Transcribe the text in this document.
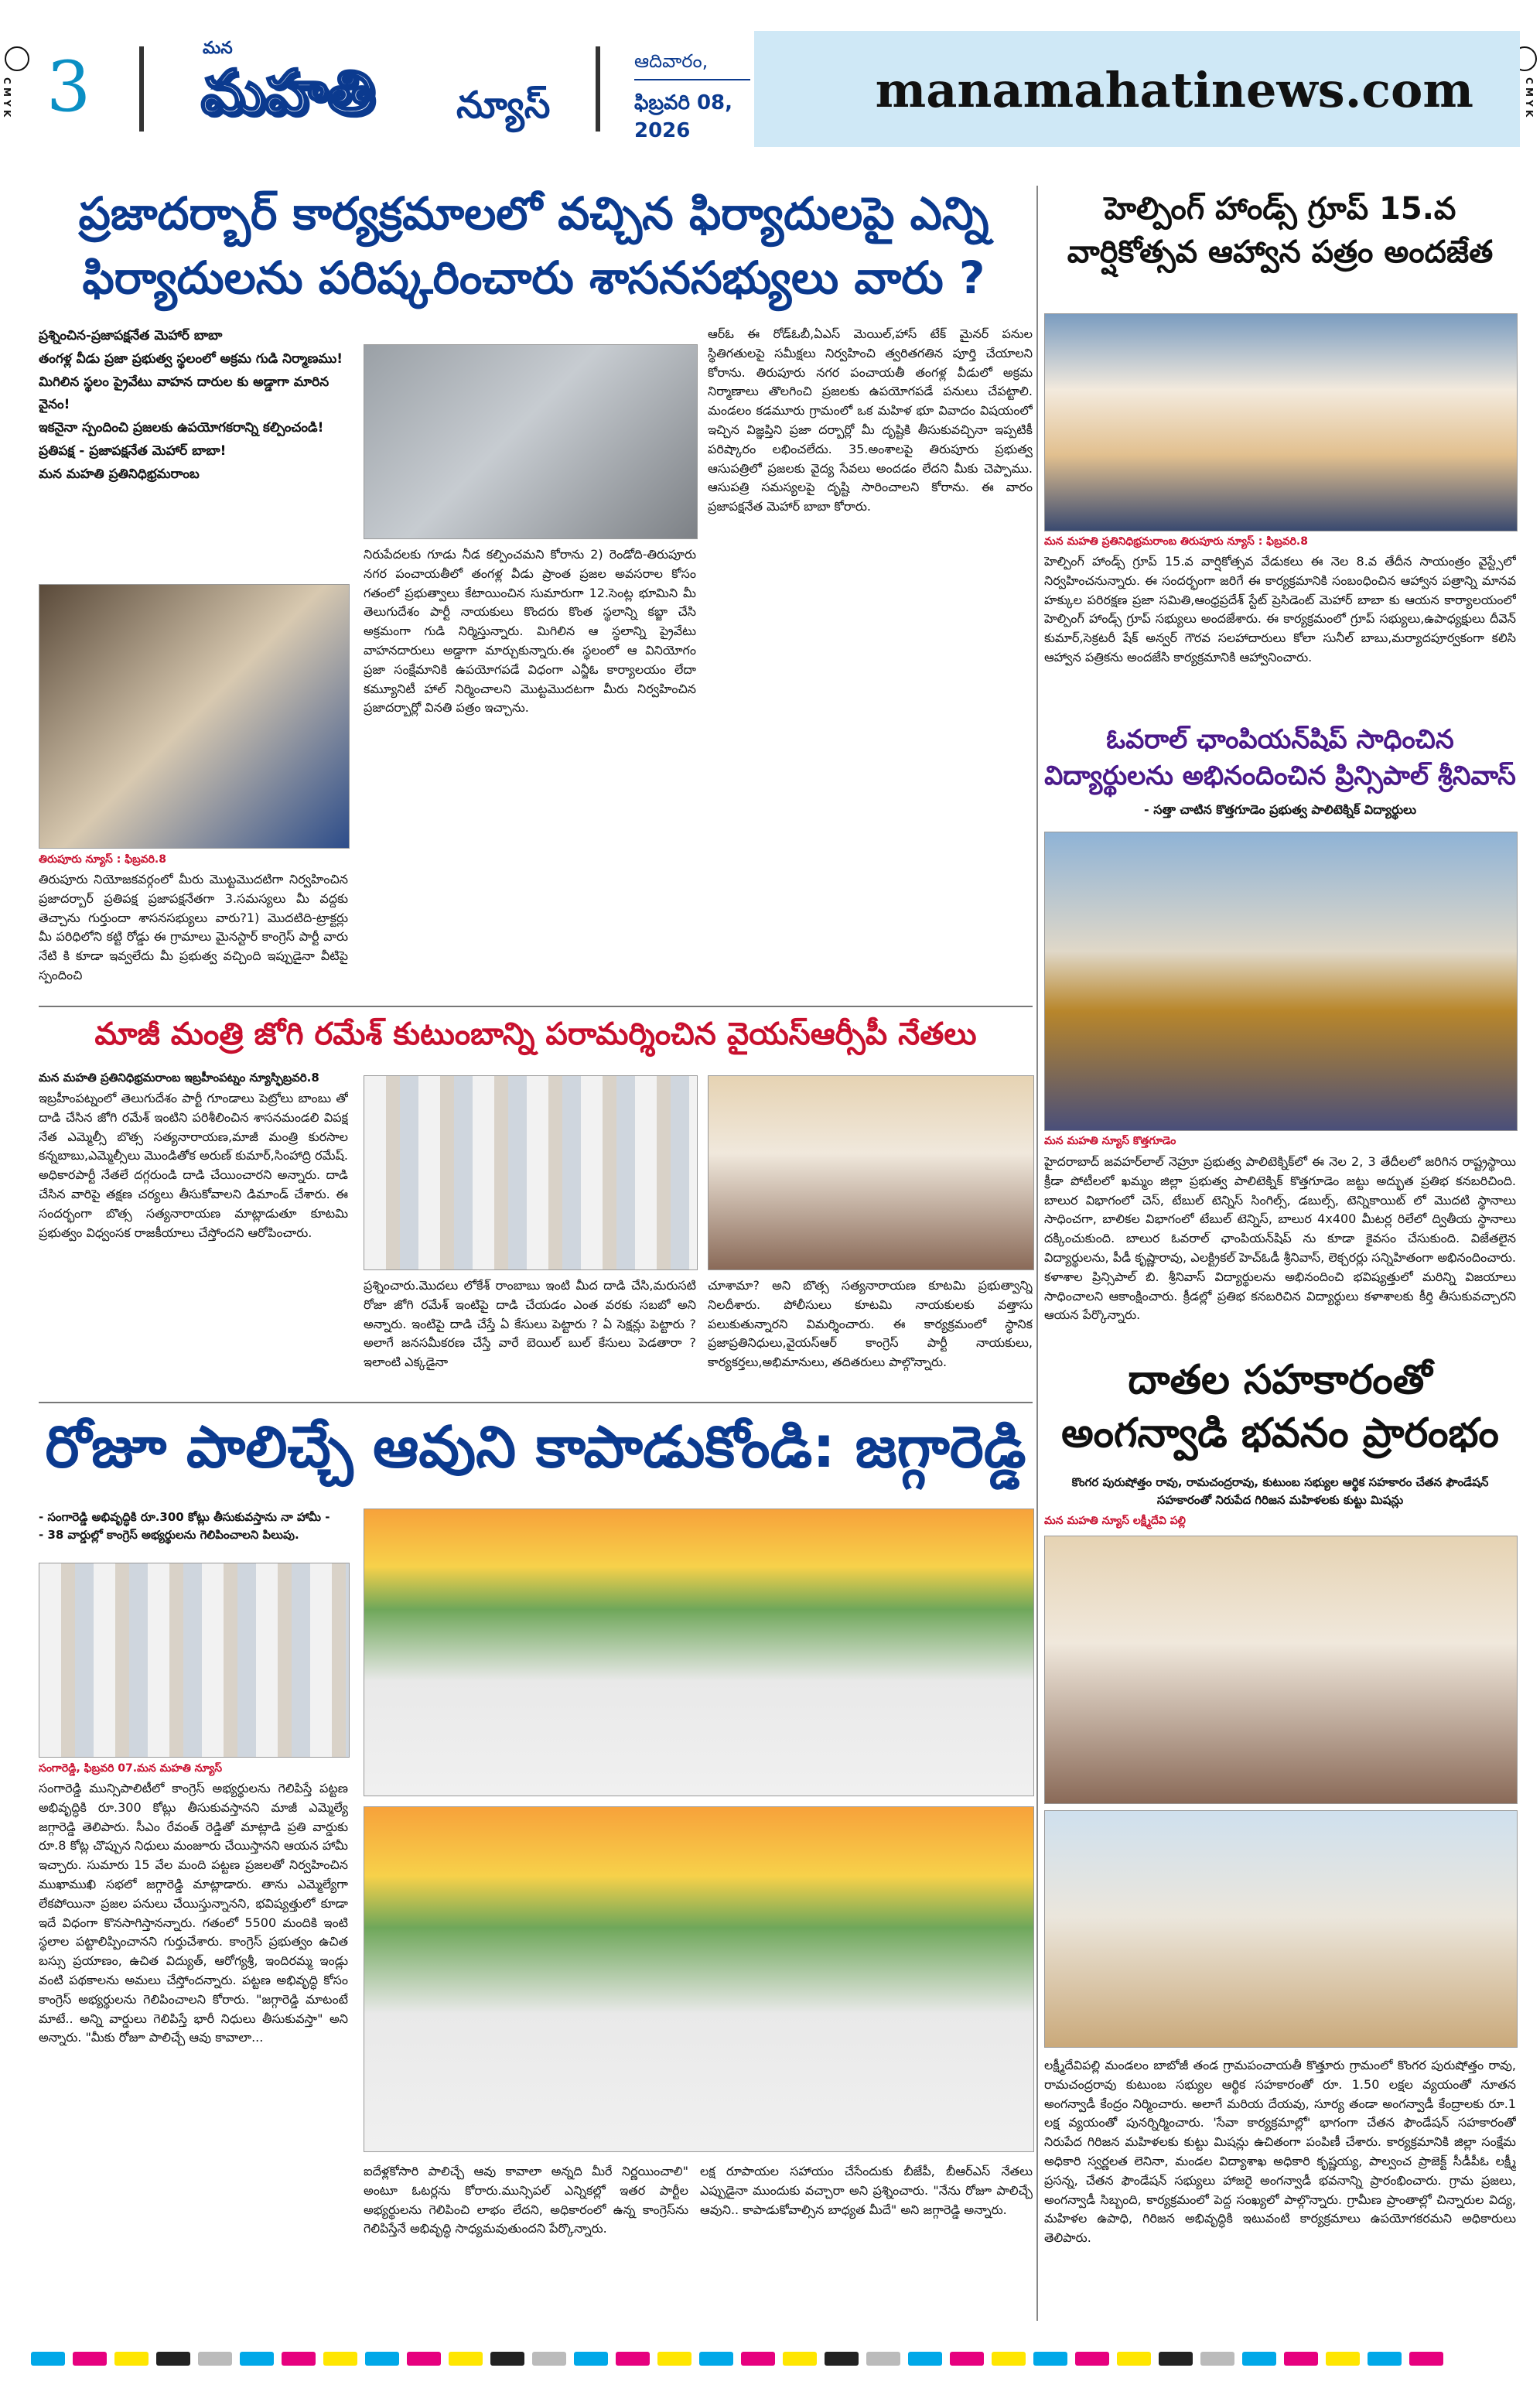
C M Y K	C M Y K
3	మన
మహతి న్యూస్
ఆదివారం,
ఫిబ్రవరి 08, 2026
manamahatinews.com
ప్రజాదర్బార్ కార్యక్రమాలలో వచ్చిన ఫిర్యాదులపై ఎన్ని
ఫిర్యాదులను పరిష్కరించారు శాసనసభ్యులు వారు ?
ప్రశ్నించిన-ప్రజాపక్షనేత మెహార్ బాబా
తంగళ్ల వీడు ప్రజా ప్రభుత్వ స్థలంలో అక్రమ గుడి నిర్మాణము!
మిగిలిన స్థలం ప్రైవేటు వాహన దారుల కు అడ్డాగా మారిన వైనం!
ఇకనైనా స్పందించి ప్రజలకు ఉపయోగకరాన్ని కల్పించండి!
ప్రతిపక్ష - ప్రజాపక్షనేత మెహార్ బాబా!
మన మహతి ప్రతినిధిభ్రమరాంబ
తిరుపూరు న్యూస్ : ఫిబ్రవరి.8
తిరుపూరు నియోజకవర్గంలో మీరు మొట్టమొదటిగా నిర్వహించిన ప్రజాదర్బార్ ప్రతిపక్ష ప్రజాపక్షనేతగా 3.సమస్యలు మీ వద్దకు తెచ్చాను గుర్తుందా శాసనసభ్యులు వారు?1) మొదటిది-ట్రాక్టర్లు మీ పరిధిలోని కట్టి రోడ్డు ఈ గ్రామాలు మైనస్టార్ కాంగ్రెస్ పార్టీ వారు నేటి కి కూడా ఇవ్వలేదు మీ ప్రభుత్వ వచ్చింది ఇప్పుడైనా వీటిపై స్పందించి
నిరుపేదలకు గూడు నీడ కల్పించమని కోరాను 2) రెండోది-తిరుపూరు నగర పంచాయతీలో తంగళ్ల వీడు ప్రాంత ప్రజల అవసరాల కోసం గతంలో ప్రభుత్వాలు కేటాయించిన సుమారుగా 12.సెంట్ల భూమిని మీ తెలుగుదేశం పార్టీ నాయకులు కొందరు కొంత స్థలాన్ని కబ్జా చేసి అక్రమంగా గుడి నిర్మిస్తున్నారు. మిగిలిన ఆ స్థలాన్ని ప్రైవేటు వాహనదారులు అడ్డాగా మార్చుకున్నారు.ఈ స్థలంలో ఆ వినియోగం ప్రజా సంక్షేమానికి ఉపయోగపడే విధంగా ఎన్జీఓ కార్యాలయం లేదా కమ్యూనిటీ హాల్ నిర్మించాలని మొట్టమొదటగా మీరు నిర్వహించిన ప్రజాదర్బార్లో వినతి పత్రం ఇచ్చాను.
ఆర్ఓ ఈ రోడ్ఓబీ,ఏఎస్ మెయిల్,హాస్ టేక్ మైనర్ పనుల స్థితిగతులపై సమీక్షలు నిర్వహించి త్వరితగతిన పూర్తి చేయాలని కోరాను. తిరుపూరు నగర పంచాయతీ తంగళ్ల వీడులో అక్రమ నిర్మాణాలు తొలగించి ప్రజలకు ఉపయోగపడే పనులు చేపట్టాలి. మండలం కడమూరు గ్రామంలో ఒక మహిళ భూ వివాదం విషయంలో ఇచ్చిన విజ్ఞప్తిని ప్రజా దర్బార్లో మీ దృష్టికి తీసుకువచ్చినా ఇప్పటికీ పరిష్కారం లభించలేదు. 35.అంశాలపై తిరుపూరు ప్రభుత్వ ఆసుపత్రిలో ప్రజలకు వైద్య సేవలు అందడం లేదని మీకు చెప్పాము. ఆసుపత్రి సమస్యలపై దృష్టి సారించాలని కోరాను. ఈ వారం ప్రజాపక్షనేత మెహార్ బాబా కోరారు.
మాజీ మంత్రి జోగి రమేశ్ కుటుంబాన్ని పరామర్శించిన వైయస్ఆర్సీపీ నేతలు
మన మహతి ప్రతినిధిభ్రమరాంబ ఇబ్రహీంపట్నం న్యూస్ఫిబ్రవరి.8
ఇబ్రహీంపట్నంలో తెలుగుదేశం పార్టీ గూండాలు పెట్రోలు బాంబు తో దాడి చేసిన జోగి రమేశ్ ఇంటిని పరిశీలించిన శాసనమండలి విపక్ష నేత ఎమ్మెల్సీ బొత్స సత్యనారాయణ,మాజీ మంత్రి కురసాల కన్నబాబు,ఎమ్మెల్సీలు మొండితోక అరుణ్ కుమార్,సింహాద్రి రమేష్. అధికారపార్టీ నేతలే దగ్గరుండి దాడి చేయించారని అన్నారు. దాడి చేసిన వారిపై తక్షణ చర్యలు తీసుకోవాలని డిమాండ్ చేశారు. ఈ సందర్భంగా బొత్స సత్యనారాయణ మాట్లాడుతూ కూటమి ప్రభుత్వం విధ్వంసక రాజకీయాలు చేస్తోందని ఆరోపించారు.
ప్రశ్నించారు.మొదలు లోకేశ్ రాంబాబు ఇంటి మీద దాడి చేసి,మరుసటి రోజా జోగి రమేశ్ ఇంటిపై దాడి చేయడం ఎంత వరకు సబబో అని అన్నారు. ఇంటిపై దాడి చేస్తే ఏ కేసులు పెట్టారు ? ఏ సెక్షన్లు పెట్టారు ? అలాగే జనసమీకరణ చేస్తే వారే బెయిల్ బుల్ కేసులు పెడతారా ? ఇలాంటి ఎక్కడైనా
చూశామా? అని బొత్స సత్యనారాయణ కూటమి ప్రభుత్వాన్ని నిలదీశారు. పోలీసులు కూటమి నాయకులకు వత్తాసు పలుకుతున్నారని విమర్శించారు. ఈ కార్యక్రమంలో స్థానిక ప్రజాప్రతినిధులు,వైయస్ఆర్ కాంగ్రెస్ పార్టీ నాయకులు, కార్యకర్తలు,అభిమానులు, తదితరులు పాల్గొన్నారు.
రోజూ పాలిచ్చే ఆవుని కాపాడుకోండి: జగ్గారెడ్డి
- సంగారెడ్డి అభివృద్ధికి రూ.300 కోట్లు తీసుకువస్తాను నా హామీ -
- 38 వార్డుల్లో కాంగ్రెస్ అభ్యర్థులను గెలిపించాలని పిలుపు.
సంగారెడ్డి, ఫిబ్రవరి 07.మన మహతి న్యూస్
సంగారెడ్డి మున్సిపాలిటీలో కాంగ్రెస్ అభ్యర్థులను గెలిపిస్తే పట్టణ అభివృద్ధికి రూ.300 కోట్లు తీసుకువస్తానని మాజీ ఎమ్మెల్యే జగ్గారెడ్డి తెలిపారు. సీఎం రేవంత్ రెడ్డితో మాట్లాడి ప్రతి వార్డుకు రూ.8 కోట్ల చొప్పున నిధులు మంజూరు చేయిస్తానని ఆయన హామీ ఇచ్చారు. సుమారు 15 వేల మంది పట్టణ ప్రజలతో నిర్వహించిన ముఖాముఖి సభలో జగ్గారెడ్డి మాట్లాడారు. తాను ఎమ్మెల్యేగా లేకపోయినా ప్రజల పనులు చేయిస్తున్నానని, భవిష్యత్తులో కూడా ఇదే విధంగా కొనసాగిస్తానన్నారు. గతంలో 5500 మందికి ఇంటి స్థలాల పట్టాలిప్పించానని గుర్తుచేశారు. కాంగ్రెస్ ప్రభుత్వం ఉచిత బస్సు ప్రయాణం, ఉచిత విద్యుత్, ఆరోగ్యశ్రీ, ఇందిరమ్మ ఇండ్లు వంటి పథకాలను అమలు చేస్తోందన్నారు. పట్టణ అభివృద్ధి కోసం కాంగ్రెస్ అభ్యర్థులను గెలిపించాలని కోరారు. "జగ్గారెడ్డి మాటంటే మాటే.. అన్ని వార్డులు గెలిపిస్తే భారీ నిధులు తీసుకువస్తా" అని అన్నారు. "మీకు రోజూ పాలిచ్చే ఆవు కావాలా...
ఐదేళ్లకోసారి పాలిచ్చే ఆవు కావాలా అన్నది మీరే నిర్ణయించాలి" అంటూ ఓటర్లను కోరారు.మున్సిపల్ ఎన్నికల్లో ఇతర పార్టీల అభ్యర్థులను గెలిపించి లాభం లేదని, అధికారంలో ఉన్న కాంగ్రెస్‌ను గెలిపిస్తేనే అభివృద్ధి సాధ్యమవుతుందని పేర్కొన్నారు.
లక్ష రూపాయల సహాయం చేసేందుకు బీజేపీ, బీఆర్ఎస్ నేతలు ఎప్పుడైనా ముందుకు వచ్చారా అని ప్రశ్నించారు. "నేను రోజూ పాలిచ్చే ఆవుని.. కాపాడుకోవాల్సిన బాధ్యత మీదే" అని జగ్గారెడ్డి అన్నారు.
హెల్పింగ్ హాండ్స్ గ్రూప్ 15.వ
వార్షికోత్సవ ఆహ్వాన పత్రం అందజేత
మన మహతి ప్రతినిధిభ్రమరాంబ తిరుపూరు న్యూస్ : ఫిబ్రవరి.8
హెల్పింగ్ హాండ్స్ గ్రూప్ 15.వ వార్షికోత్సవ వేడుకలు ఈ నెల 8.వ తేదీన సాయంత్రం వైస్ట్సేలో నిర్వహించనున్నారు. ఈ సందర్భంగా జరిగే ఈ కార్యక్రమానికి సంబంధించిన ఆహ్వాన పత్రాన్ని మానవ హక్కుల పరిరక్షణ ప్రజా సమితి,ఆంధ్రప్రదేశ్ స్టేట్ ప్రెసిడెంట్ మెహార్ బాబా కు ఆయన కార్యాలయంలో హెల్పింగ్ హాండ్స్ గ్రూప్ సభ్యులు అందజేశారు. ఈ కార్యక్రమంలో గ్రూప్ సభ్యులు,ఉపాధ్యక్షులు దీవెన్ కుమార్,సెక్రటరీ షేక్ అన్వర్ గౌరవ సలహాదారులు కోలా సునీల్ బాబు,మర్యాదపూర్వకంగా కలిసి ఆహ్వాన పత్రికను అందజేసి కార్యక్రమానికి ఆహ్వానించారు.
ఓవరాల్ ఛాంపియన్‌షిప్ సాధించిన
విద్యార్థులను అభినందించిన ప్రిన్సిపాల్ శ్రీనివాస్
- సత్తా చాటిన కొత్తగూడెం ప్రభుత్వ పాలిటెక్నిక్ విద్యార్థులు
మన మహతి న్యూస్ కొత్తగూడెం
హైదరాబాద్ జవహర్‌లాల్ నెహ్రూ ప్రభుత్వ పాలిటెక్నిక్‌లో ఈ నెల 2, 3 తేదీలలో జరిగిన రాష్ట్రస్థాయి క్రీడా పోటీలలో ఖమ్మం జిల్లా ప్రభుత్వ పాలిటెక్నిక్ కొత్తగూడెం జట్టు అద్భుత ప్రతిభ కనబరిచింది. బాలుర విభాగంలో చెస్, టేబుల్ టెన్నిస్ సింగిల్స్, డబుల్స్, టెన్నికాయిట్ లో మొదటి స్థానాలు సాధించగా, బాలికల విభాగంలో టేబుల్ టెన్నిస్, బాలుర 4x400 మీటర్ల రిలేలో ద్వితీయ స్థానాలు దక్కించుకుంది. బాలుర ఓవరాల్ ఛాంపియన్‌షిప్ ను కూడా కైవసం చేసుకుంది. విజేతలైన విద్యార్థులను, పీడీ కృష్ణారావు, ఎలక్ట్రికల్ హెచ్‌ఓడీ శ్రీనివాస్, లెక్చరర్లు సన్నిహితంగా అభినందించారు. కళాశాల ప్రిన్సిపాల్ బి. శ్రీనివాస్ విద్యార్థులను అభినందించి భవిష్యత్తులో మరిన్ని విజయాలు సాధించాలని ఆకాంక్షించారు. క్రీడల్లో ప్రతిభ కనబరిచిన విద్యార్థులు కళాశాలకు కీర్తి తీసుకువచ్చారని ఆయన పేర్కొన్నారు.
దాతల సహకారంతో
అంగన్వాడి భవనం ప్రారంభం
కొంగర పురుషోత్తం రావు, రామచంద్రరావు, కుటుంబ సభ్యుల ఆర్థిక సహకారం చేతన ఫౌండేషన్ సహకారంతో నిరుపేద గిరిజన మహిళలకు కుట్టు మిషన్లు
మన మహతి న్యూస్ లక్ష్మీదేవి పల్లి
లక్ష్మీదేవిపల్లి మండలం బాబోజీ తండ గ్రామపంచాయతీ కొత్తూరు గ్రామంలో కొంగర పురుషోత్తం రావు, రామచంద్రరావు కుటుంబ సభ్యుల ఆర్థిక సహకారంతో రూ. 1.50 లక్షల వ్యయంతో నూతన అంగన్వాడీ కేంద్రం నిర్మించారు. అలాగే మరియ దేయవు, సూర్య తండా అంగన్వాడీ కేంద్రాలకు రూ.1 లక్ష వ్యయంతో పునర్నిర్మించారు. 'సేవా కార్యక్రమాల్లో' భాగంగా చేతన ఫౌండేషన్ సహకారంతో నిరుపేద గిరిజన మహిళలకు కుట్టు మిషన్లు ఉచితంగా పంపిణీ చేశారు. కార్యక్రమానికి జిల్లా సంక్షేమ అధికారి స్వర్ణలత లెనినా, మండల విద్యాశాఖ అధికారి కృష్ణయ్య, పాల్వంచ ప్రాజెక్ట్ సీడీపీఓ లక్ష్మీ ప్రసన్న, చేతన ఫౌండేషన్ సభ్యులు హాజరై అంగన్వాడీ భవనాన్ని ప్రారంభించారు. గ్రామ ప్రజలు, అంగన్వాడీ సిబ్బంది, కార్యక్రమంలో పెద్ద సంఖ్యలో పాల్గొన్నారు. గ్రామీణ ప్రాంతాల్లో చిన్నారుల విద్య, మహిళల ఉపాధి, గిరిజన అభివృద్ధికి ఇటువంటి కార్యక్రమాలు ఉపయోగకరమని అధికారులు తెలిపారు.
